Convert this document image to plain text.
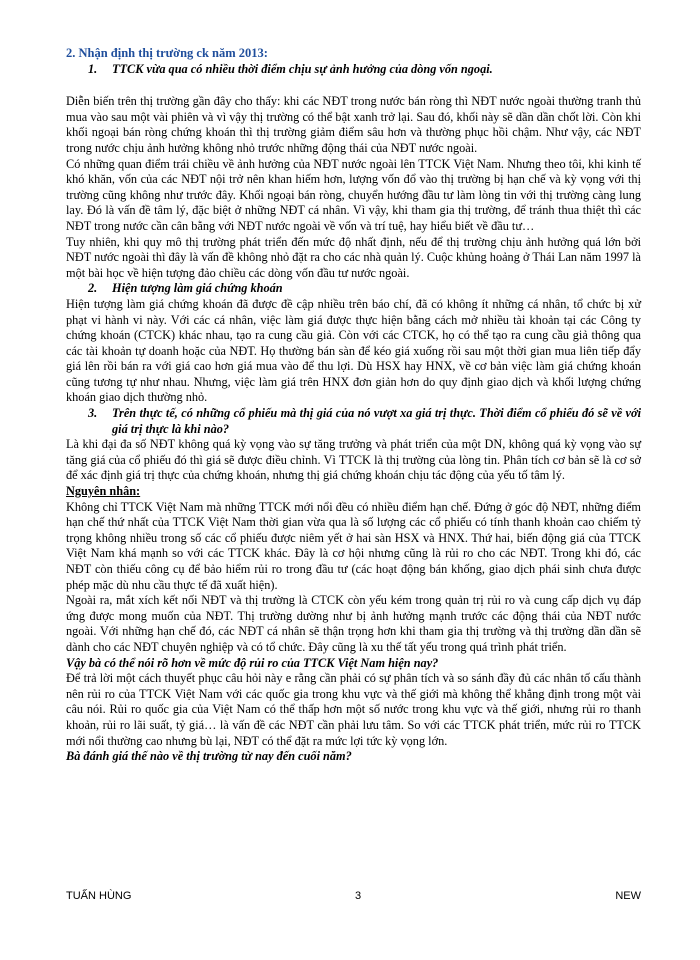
2. Nhận định thị trường ck năm 2013:

1.	TTCK vừa qua có nhiều thời điểm chịu sự ảnh hưởng của dòng vốn ngoại.

Diễn biến trên thị trường gần đây cho thấy: khi các NĐT trong nước bán ròng thì NĐT nước ngoài thường tranh thủ mua vào sau một vài phiên và vì vậy thị trường có thể bật xanh trở lại. Sau đó, khối này sẽ dần dần chốt lời. Còn khi khối ngoại bán ròng chứng khoán thì thị trường giảm điểm sâu hơn và thường phục hồi chậm. Như vậy, các NĐT trong nước chịu ảnh hưởng không nhỏ trước những động thái của NĐT nước ngoài.

Có những quan điểm trái chiều về ảnh hưởng của NĐT nước ngoài lên TTCK Việt Nam. Nhưng theo tôi, khi kinh tế khó khăn, vốn của các NĐT nội trở nên khan hiếm hơn, lượng vốn đổ vào thị trường bị hạn chế và kỳ vọng với thị trường cũng không như trước đây. Khối ngoại bán ròng, chuyển hướng đầu tư làm lòng tin với thị trường càng lung lay. Đó là vấn đề tâm lý, đặc biệt ở những NĐT cá nhân. Vì vậy, khi tham gia thị trường, để tránh thua thiệt thì các NĐT trong nước cần cân bằng với NĐT nước ngoài về vốn và trí tuệ, hay hiểu biết về đầu tư…

Tuy nhiên, khi quy mô thị trường phát triển đến mức độ nhất định, nếu để thị trường chịu ảnh hưởng quá lớn bởi NĐT nước ngoài thì đây là vấn đề không nhỏ đặt ra cho các nhà quản lý. Cuộc khủng hoảng ở Thái Lan năm 1997 là một bài học về hiện tượng đảo chiều các dòng vốn đầu tư nước ngoài.

2.	Hiện tượng làm giá chứng khoán

Hiện tượng làm giá chứng khoán đã được đề cập nhiều trên báo chí, đã có không ít những cá nhân, tổ chức bị xử phạt vi hành vi này. Với các cá nhân, việc làm giá được thực hiện bằng cách mở nhiều tài khoản tại các Công ty chứng khoán (CTCK) khác nhau, tạo ra cung cầu giả. Còn với các CTCK, họ có thể tạo ra cung cầu giả thông qua các tài khoản tự doanh hoặc của NĐT. Họ thường bán sàn để kéo giá xuống rồi sau một thời gian mua liên tiếp đẩy giá lên rồi bán ra với giá cao hơn giá mua vào để thu lợi. Dù HSX hay HNX, về cơ bản việc làm giá chứng khoán cũng tương tự như nhau. Nhưng, việc làm giá trên HNX đơn giản hơn do quy định giao dịch và khối lượng chứng khoán giao dịch thường nhỏ.

3.	Trên thực tế, có những cổ phiếu mà thị giá của nó vượt xa giá trị thực. Thời điểm cổ phiếu đó sẽ về với giá trị thực là khi nào?

Là khi đại đa số NĐT không quá kỳ vọng vào sự tăng trưởng và phát triển của một DN, không quá kỳ vọng vào sự tăng giá của cổ phiếu đó thì giá sẽ được điều chỉnh. Vì TTCK là thị trường của lòng tin. Phân tích cơ bản sẽ là cơ sở để xác định giá trị thực của chứng khoán, nhưng thị giá chứng khoán chịu tác động của yếu tố tâm lý.

Nguyên nhân:

Không chỉ TTCK Việt Nam mà những TTCK mới nổi đều có nhiều điểm hạn chế. Đứng ở góc độ NĐT, những điểm hạn chế thứ nhất của TTCK Việt Nam thời gian vừa qua là số lượng các cổ phiếu có tính thanh khoản cao chiếm tỷ trọng không nhiều trong số các cổ phiếu được niêm yết ở hai sàn HSX và HNX. Thứ hai, biến động giá của TTCK Việt Nam khá mạnh so với các TTCK khác. Đây là cơ hội nhưng cũng là rủi ro cho các NĐT. Trong khi đó, các NĐT còn thiếu công cụ để bảo hiểm rủi ro trong đầu tư (các hoạt động bán khống, giao dịch phái sinh chưa được phép mặc dù nhu cầu thực tế đã xuất hiện).

Ngoài ra, mắt xích kết nối NĐT và thị trường là CTCK còn yếu kém trong quản trị rủi ro và cung cấp dịch vụ đáp ứng được mong muốn của NĐT. Thị trường dường như bị ảnh hưởng mạnh trước các động thái của NĐT nước ngoài. Với những hạn chế đó, các NĐT cá nhân sẽ thận trọng hơn khi tham gia thị trường và thị trường dần dần sẽ dành cho các NĐT chuyên nghiệp và có tổ chức. Đây cũng là xu thế tất yếu trong quá trình phát triển.

Vậy bà có thể nói rõ hơn về mức độ rủi ro của TTCK Việt Nam hiện nay?

Để trả lời một cách thuyết phục câu hỏi này e rằng cần phải có sự phân tích và so sánh đầy đủ các nhân tố cấu thành nên rủi ro của TTCK Việt Nam với các quốc gia trong khu vực và thế giới mà không thể khẳng định trong một vài câu nói. Rủi ro quốc gia của Việt Nam có thể thấp hơn một số nước trong khu vực và thế giới, nhưng rủi ro thanh khoản, rủi ro lãi suất, tỷ giá… là vấn đề các NĐT cần phải lưu tâm. So với các TTCK phát triển, mức rủi ro TTCK mới nổi thường cao nhưng bù lại, NĐT có thể đặt ra mức lợi tức kỳ vọng lớn.

Bà đánh giá thế nào về thị trường từ nay đến cuối năm?

TUẤN HÙNG	3	NEW
